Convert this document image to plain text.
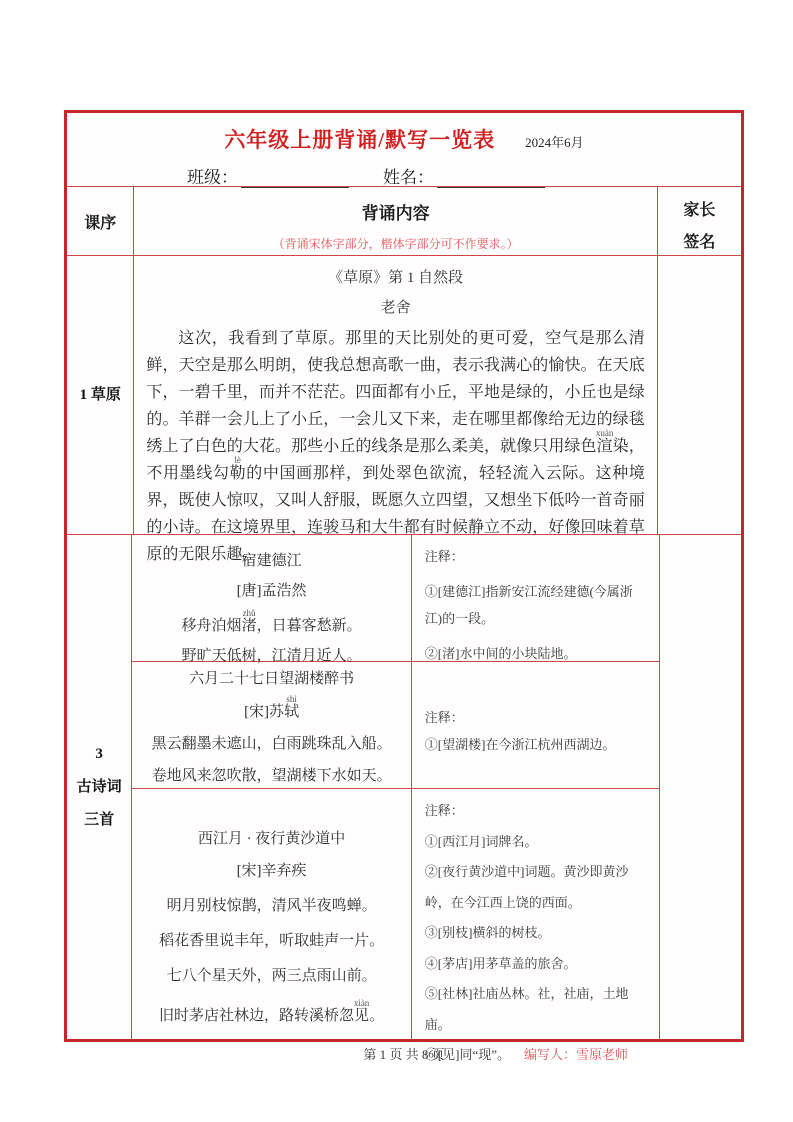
六年级上册背诵/默写一览表 2024年6月
班级：	姓名：
课序	背诵内容
（背诵宋体字部分，楷体字部分可不作要求。）
家长
签名
1 草原
《草原》第 1 自然段
老舍
这次，我看到了草原。那里的天比别处的更可爱，空气是那么清鲜，天空是那么明朗，使我总想高歌一曲，表示我满心的愉快。在天底下，一碧千里，而并不茫茫。四面都有小丘，平地是绿的，小丘也是绿的。羊群一会儿上了小丘，一会儿又下来，走在哪里都像给无边的绿毯绣上了白色的大花。那些小丘的线条是那么柔美，就像只用绿色渲xuàn染，不用墨线勾勒lè的中国画那样，到处翠色欲流，轻轻流入云际。这种境界，既使人惊叹，又叫人舒服，既愿久立四望，又想坐下低吟一首奇丽的小诗。在这境界里，连骏马和大牛都有时候静立不动，好像回味着草原的无限乐趣。
3
古诗词
三首
宿建德江
[唐]孟浩然
移舟泊烟渚zhǔ，日暮客愁新。
野旷天低树，江清月近人。
注释：
①[建德江]指新安江流经建德(今属浙江)的一段。
②[渚]水中间的小块陆地。
六月二十七日望湖楼醉书
[宋]苏轼shì
黑云翻墨未遮山，白雨跳珠乱入船。
卷地风来忽吹散，望湖楼下水如天。
注释：
①[望湖楼]在今浙江杭州西湖边。
西江月 · 夜行黄沙道中
[宋]辛弃疾
明月别枝惊鹊，清风半夜鸣蝉。
稻花香里说丰年，听取蛙声一片。
七八个星天外，两三点雨山前。
旧时茅店社林边，路转溪桥忽见xiàn。
注释：
①[西江月]词牌名。
②[夜行黄沙道中]词题。黄沙即黄沙岭，在今江西上饶的西面。
③[别枝]横斜的树枝。
④[茅店]用茅草盖的旅舍。
⑤[社林]社庙丛林。社，社庙，土地庙。
⑥[见]同“现”。 编写人：雪原老师
第 1 页 共 8 页
